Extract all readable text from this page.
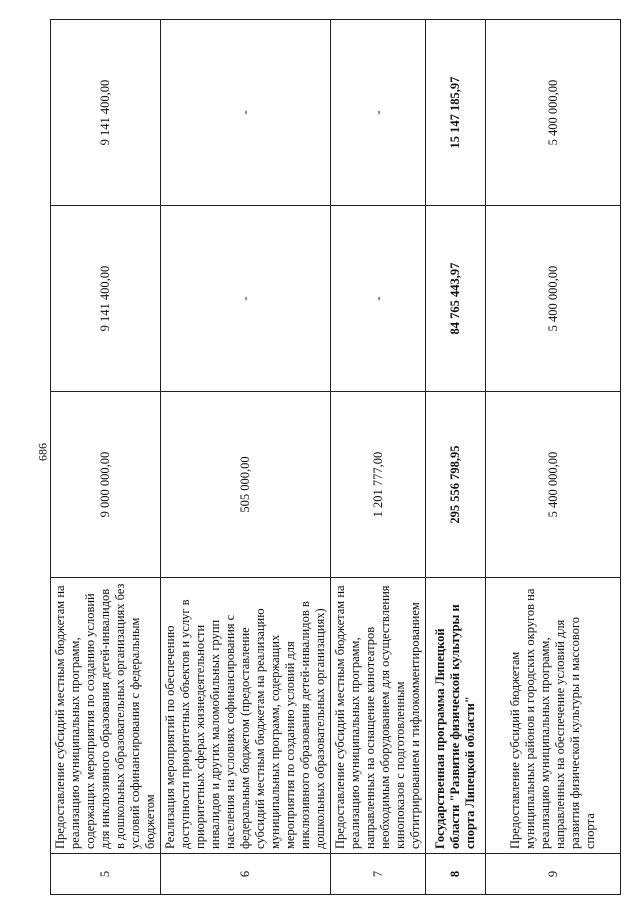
686
5	Предоставление субсидий местным бюджетам на реализацию муниципальных программ, содержащих мероприятия по созданию условий для инклюзивного образования детей-инвалидов в дошкольных образовательных организациях без условий софинансирования с федеральным бюджетом	9 000 000,00	9 141 400,00	9 141 400,00
6	Реализация мероприятий по обеспечению доступности приоритетных объектов и услуг в приоритетных сферах жизнедеятельности инвалидов и других маломобильных групп населения на условиях софинансирования с федеральным бюджетом (предоставление субсидий местным бюджетам на реализацию муниципальных программ, содержащих мероприятия по созданию условий для инклюзивного образования детей-инвалидов в дошкольных образовательных организациях)	505 000,00	-	-
7	Предоставление субсидий местным бюджетам на реализацию муниципальных программ, направленных на оснащение кинотеатров необходимым оборудованием для осуществления кинопоказов с подготовленным субтитрированием и тифлокомментированием	1 201 777,00	-	-
8	Государственная программа Липецкой области "Развитие физической культуры и спорта Липецкой области"	295 556 798,95	84 765 443,97	15 147 185,97
9	Предоставление субсидий бюджетам муниципальных районов и городских округов на реализацию муниципальных программ, направленных на обеспечение условий для развития физической культуры и массового спорта	5 400 000,00	5 400 000,00	5 400 000,00
